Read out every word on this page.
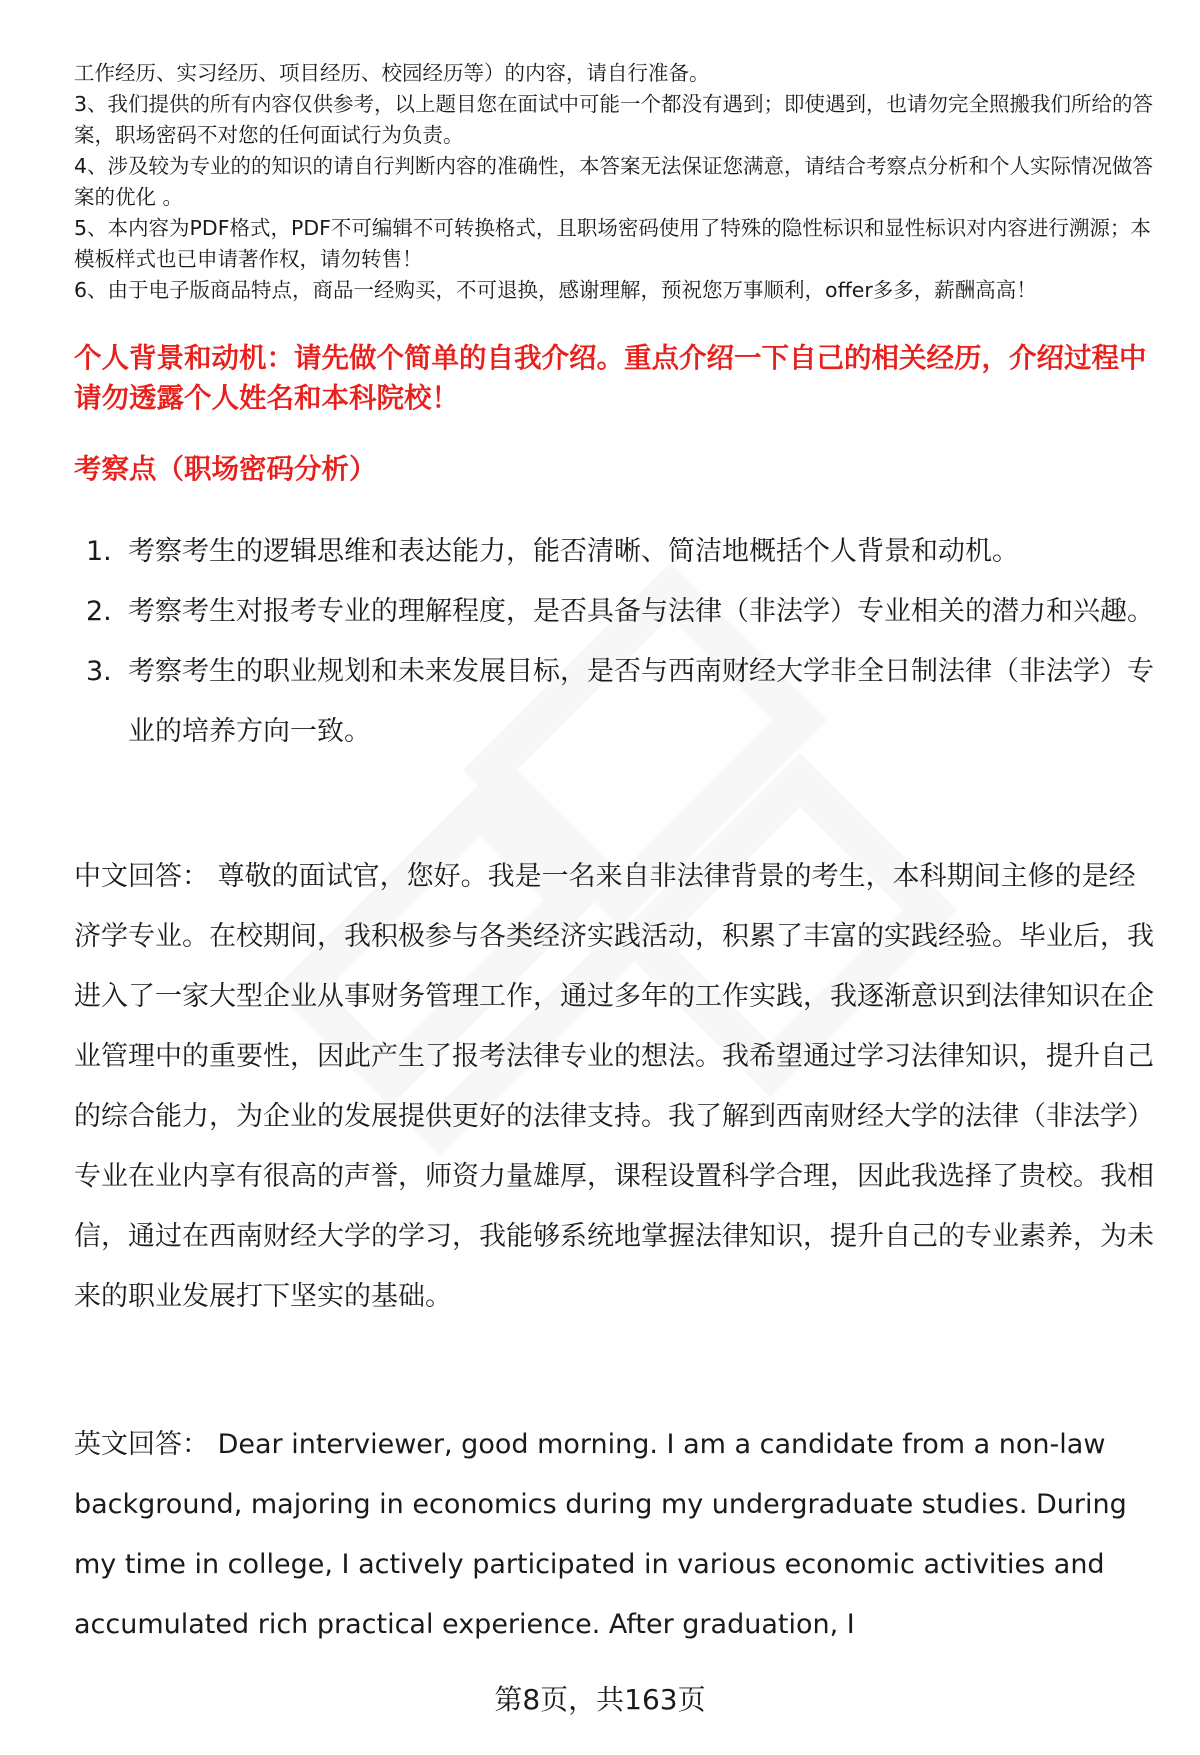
工作经历、实习经历、项目经历、校园经历等）的内容，请自行准备。

3、我们提供的所有内容仅供参考，以上题目您在面试中可能一个都没有遇到；即使遇到，也请勿完全照搬我们所给的答案，职场密码不对您的任何面试行为负责。

4、涉及较为专业的的知识的请自行判断内容的准确性，本答案无法保证您满意，请结合考察点分析和个人实际情况做答案的优化 。

5、本内容为PDF格式，PDF不可编辑不可转换格式，且职场密码使用了特殊的隐性标识和显性标识对内容进行溯源；本模板样式也已申请著作权，请勿转售！

6、由于电子版商品特点，商品一经购买，不可退换，感谢理解，预祝您万事顺利，offer多多，薪酬高高！

个人背景和动机：请先做个简单的自我介绍。重点介绍一下自己的相关经历，介绍过程中请勿透露个人姓名和本科院校！
考察点（职场密码分析）
1. 考察考生的逻辑思维和表达能力，能否清晰、简洁地概括个人背景和动机。
2. 考察考生对报考专业的理解程度，是否具备与法律（非法学）专业相关的潜力和兴趣。
3. 考察考生的职业规划和未来发展目标，是否与西南财经大学非全日制法律（非法学）专业的培养方向一致。

中文回答： 尊敬的面试官，您好。我是一名来自非法律背景的考生，本科期间主修的是经济学专业。在校期间，我积极参与各类经济实践活动，积累了丰富的实践经验。毕业后，我进入了一家大型企业从事财务管理工作，通过多年的工作实践，我逐渐意识到法律知识在企业管理中的重要性，因此产生了报考法律专业的想法。我希望通过学习法律知识，提升自己的综合能力，为企业的发展提供更好的法律支持。我了解到西南财经大学的法律（非法学）专业在业内享有很高的声誉，师资力量雄厚，课程设置科学合理，因此我选择了贵校。我相信，通过在西南财经大学的学习，我能够系统地掌握法律知识，提升自己的专业素养，为未来的职业发展打下坚实的基础。

英文回答： Dear interviewer, good morning. I am a candidate from a non-law background, majoring in economics during my undergraduate studies. During my time in college, I actively participated in various economic activities and accumulated rich practical experience. After graduation, I

第8页，共163页
